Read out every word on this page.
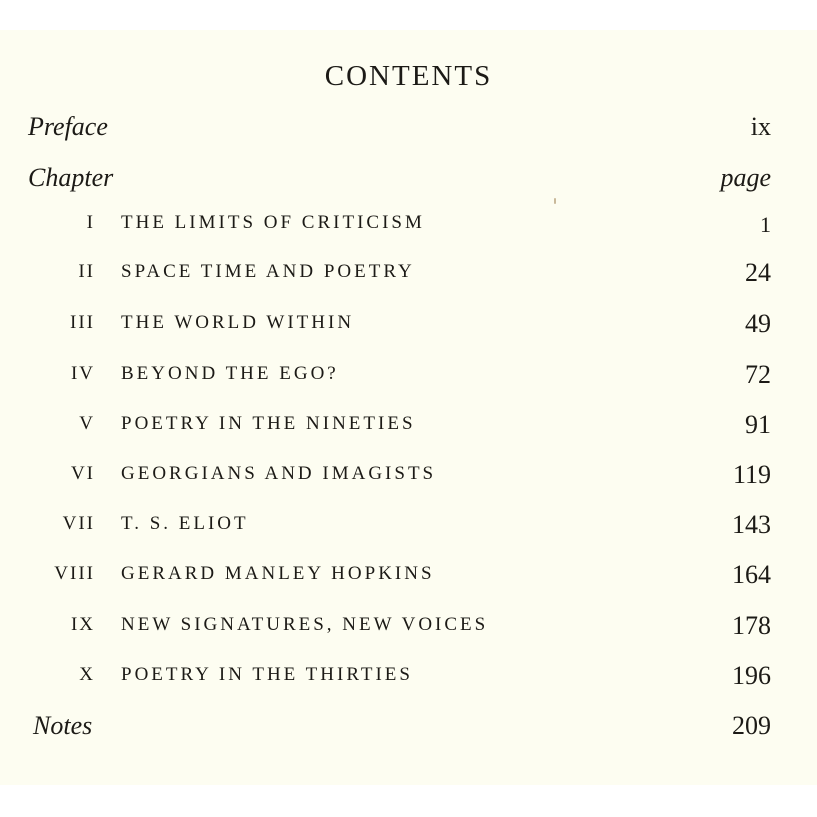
CONTENTS
Preface	ix
Chapter	page
I THE LIMITS OF CRITICISM	1
II SPACE TIME AND POETRY	24
III THE WORLD WITHIN	49
IV BEYOND THE EGO?	72
V POETRY IN THE NINETIES	91
VI GEORGIANS AND IMAGISTS	119
VII T. S. ELIOT	143
VIII GERARD MANLEY HOPKINS	164
IX NEW SIGNATURES, NEW VOICES	178
X POETRY IN THE THIRTIES	196
Notes	209
